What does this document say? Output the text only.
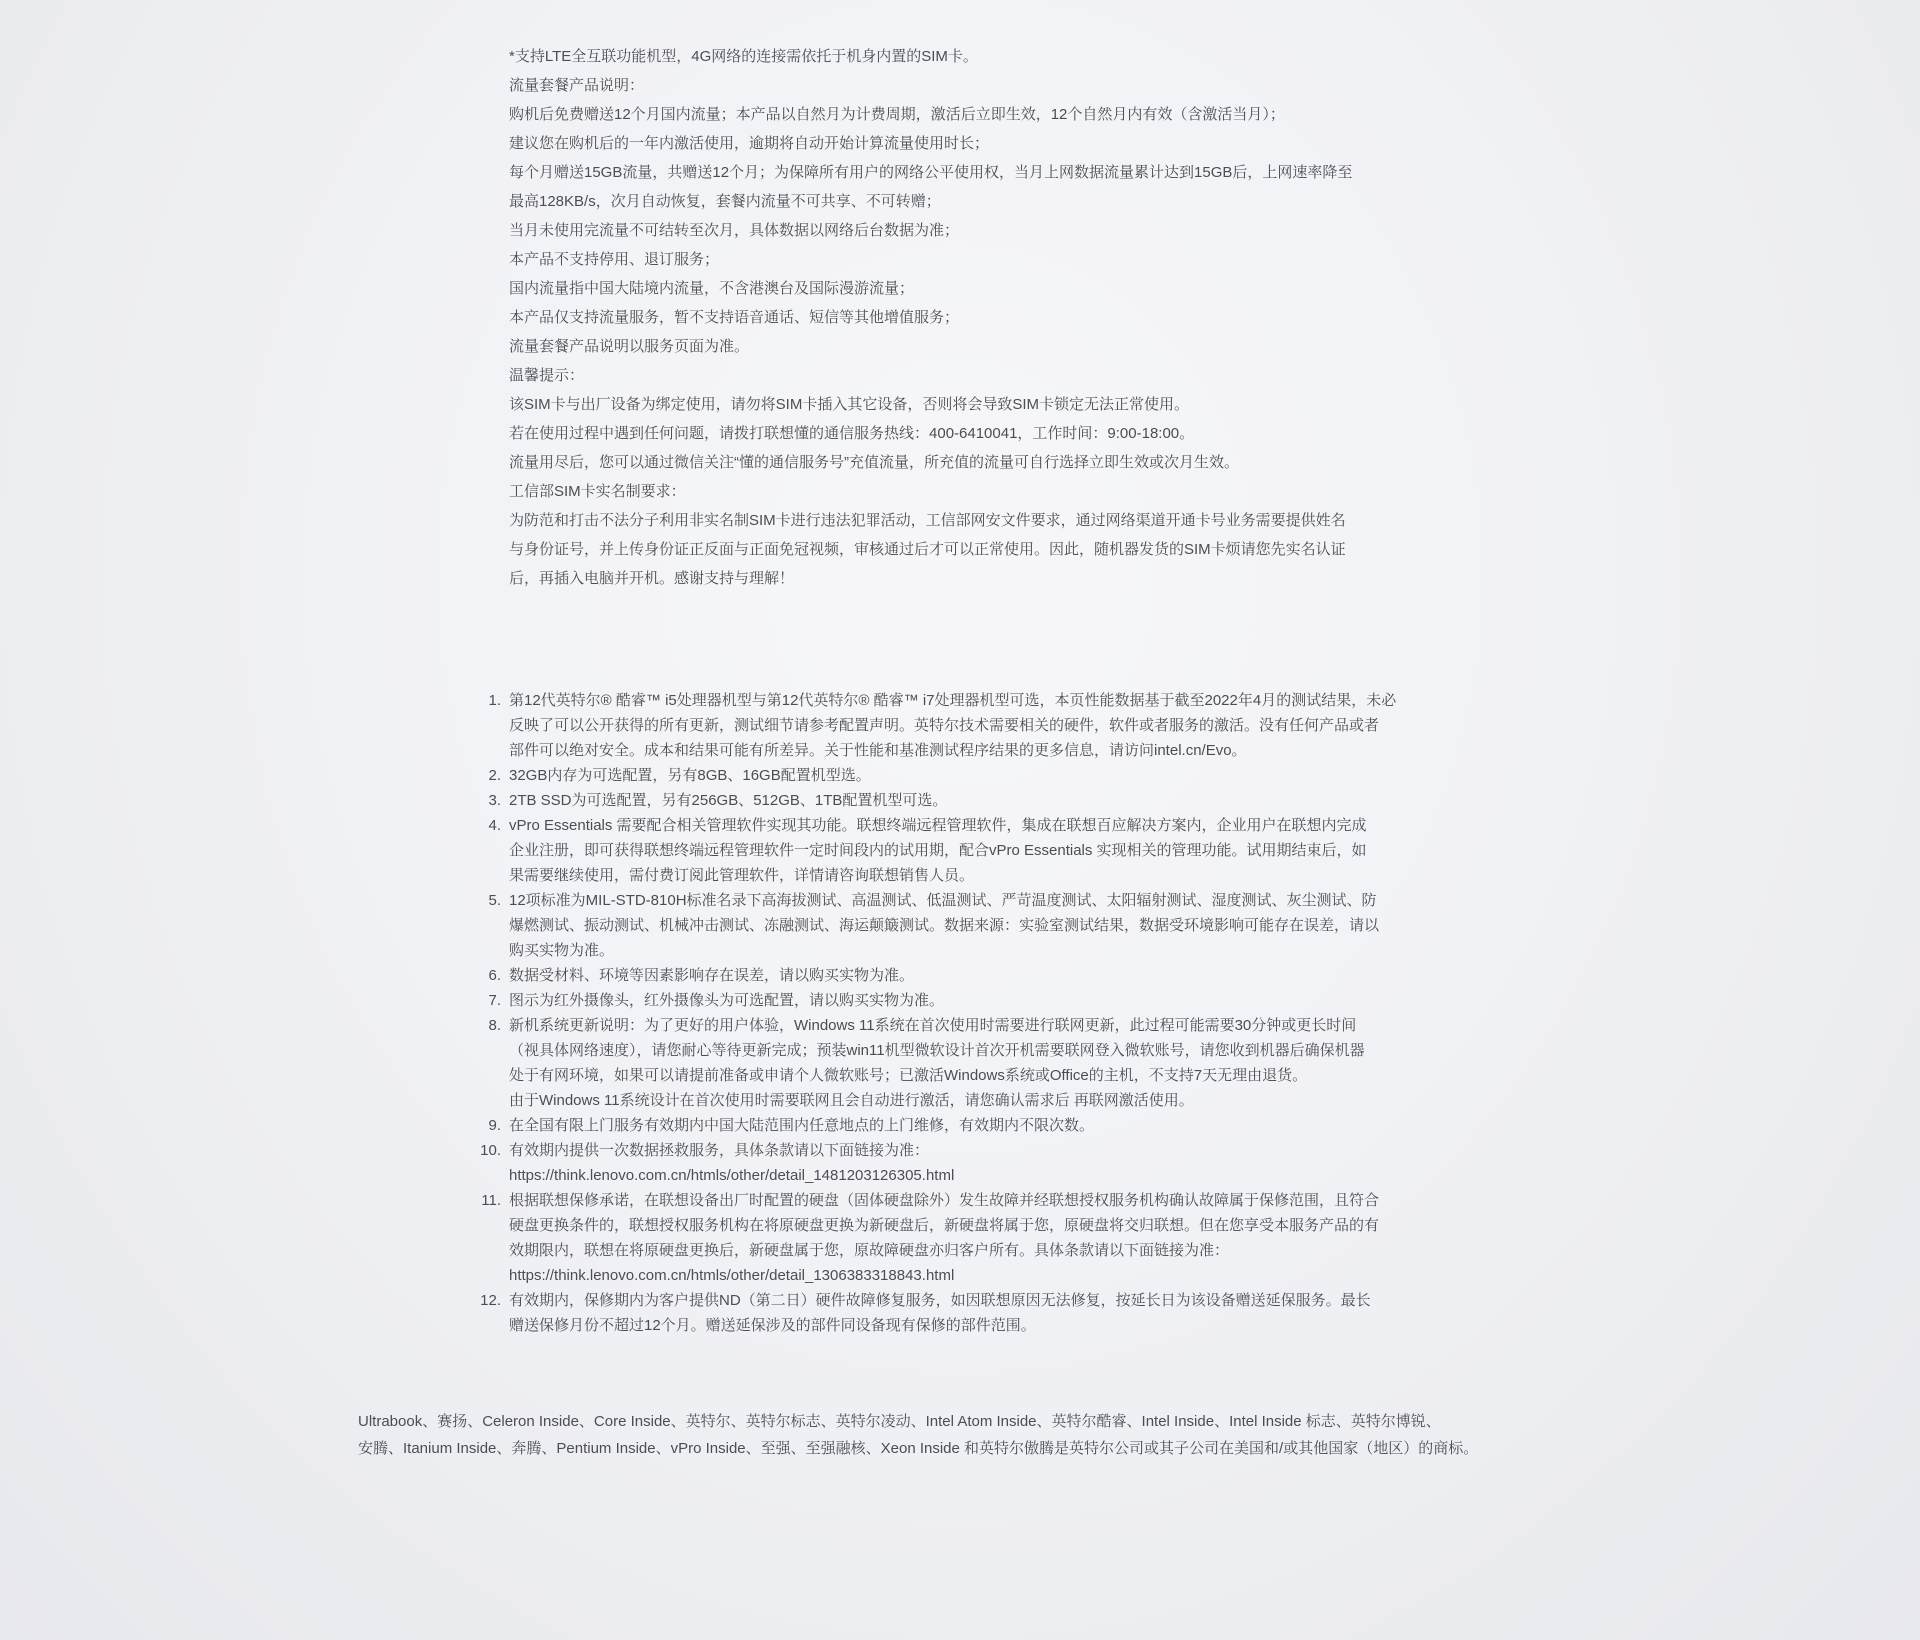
*支持LTE全互联功能机型，4G网络的连接需依托于机身内置的SIM卡。
流量套餐产品说明：
购机后免费赠送12个月国内流量；本产品以自然月为计费周期，激活后立即生效，12个自然月内有效（含激活当月）；
建议您在购机后的一年内激活使用，逾期将自动开始计算流量使用时长；
每个月赠送15GB流量，共赠送12个月；为保障所有用户的网络公平使用权，当月上网数据流量累计达到15GB后，上网速率降至
最高128KB/s，次月自动恢复，套餐内流量不可共享、不可转赠；
当月未使用完流量不可结转至次月，具体数据以网络后台数据为准；
本产品不支持停用、退订服务；
国内流量指中国大陆境内流量，不含港澳台及国际漫游流量；
本产品仅支持流量服务，暂不支持语音通话、短信等其他增值服务；
流量套餐产品说明以服务页面为准。
温馨提示：
该SIM卡与出厂设备为绑定使用，请勿将SIM卡插入其它设备，否则将会导致SIM卡锁定无法正常使用。
若在使用过程中遇到任何问题，请拨打联想懂的通信服务热线：400-6410041，工作时间：9:00-18:00。
流量用尽后，您可以通过微信关注“懂的通信服务号”充值流量，所充值的流量可自行选择立即生效或次月生效。
工信部SIM卡实名制要求：
为防范和打击不法分子利用非实名制SIM卡进行违法犯罪活动，工信部网安文件要求，通过网络渠道开通卡号业务需要提供姓名
与身份证号，并上传身份证正反面与正面免冠视频，审核通过后才可以正常使用。因此，随机器发货的SIM卡烦请您先实名认证
后，再插入电脑并开机。感谢支持与理解！
1. 第12代英特尔® 酷睿™ i5处理器机型与第12代英特尔® 酷睿™ i7处理器机型可选，本页性能数据基于截至2022年4月的测试结果，未必
反映了可以公开获得的所有更新，测试细节请参考配置声明。英特尔技术需要相关的硬件，软件或者服务的激活。没有任何产品或者
部件可以绝对安全。成本和结果可能有所差异。关于性能和基准测试程序结果的更多信息，请访问intel.cn/Evo。
2. 32GB内存为可选配置，另有8GB、16GB配置机型选。
3. 2TB SSD为可选配置，另有256GB、512GB、1TB配置机型可选。
4. vPro Essentials 需要配合相关管理软件实现其功能。联想终端远程管理软件，集成在联想百应解决方案内，企业用户在联想内完成
企业注册，即可获得联想终端远程管理软件一定时间段内的试用期，配合vPro Essentials 实现相关的管理功能。试用期结束后，如
果需要继续使用，需付费订阅此管理软件，详情请咨询联想销售人员。
5. 12项标准为MIL-STD-810H标准名录下高海拔测试、高温测试、低温测试、严苛温度测试、太阳辐射测试、湿度测试、灰尘测试、防
爆燃测试、振动测试、机械冲击测试、冻融测试、海运颠簸测试。数据来源：实验室测试结果，数据受环境影响可能存在误差，请以
购买实物为准。
6. 数据受材料、环境等因素影响存在误差，请以购买实物为准。
7. 图示为红外摄像头，红外摄像头为可选配置，请以购买实物为准。
8. 新机系统更新说明：为了更好的用户体验，Windows 11系统在首次使用时需要进行联网更新，此过程可能需要30分钟或更长时间
（视具体网络速度），请您耐心等待更新完成；预装win11机型微软设计首次开机需要联网登入微软账号，请您收到机器后确保机器
处于有网环境，如果可以请提前准备或申请个人微软账号；已激活Windows系统或Office的主机，不支持7天无理由退货。
由于Windows 11系统设计在首次使用时需要联网且会自动进行激活，请您确认需求后 再联网激活使用。
9. 在全国有限上门服务有效期内中国大陆范围内任意地点的上门维修，有效期内不限次数。
10. 有效期内提供一次数据拯救服务，具体条款请以下面链接为准：
https://think.lenovo.com.cn/htmls/other/detail_1481203126305.html
11. 根据联想保修承诺，在联想设备出厂时配置的硬盘（固体硬盘除外）发生故障并经联想授权服务机构确认故障属于保修范围，且符合
硬盘更换条件的，联想授权服务机构在将原硬盘更换为新硬盘后，新硬盘将属于您，原硬盘将交归联想。但在您享受本服务产品的有
效期限内，联想在将原硬盘更换后，新硬盘属于您，原故障硬盘亦归客户所有。具体条款请以下面链接为准：
https://think.lenovo.com.cn/htmls/other/detail_1306383318843.html
12. 有效期内，保修期内为客户提供ND（第二日）硬件故障修复服务，如因联想原因无法修复，按延长日为该设备赠送延保服务。最长
赠送保修月份不超过12个月。赠送延保涉及的部件同设备现有保修的部件范围。
Ultrabook、赛扬、Celeron Inside、Core Inside、英特尔、英特尔标志、英特尔凌动、Intel Atom Inside、英特尔酷睿、Intel Inside、Intel Inside 标志、英特尔博锐、
安腾、Itanium Inside、奔腾、Pentium Inside、vPro Inside、至强、至强融核、Xeon Inside 和英特尔傲腾是英特尔公司或其子公司在美国和/或其他国家（地区）的商标。
